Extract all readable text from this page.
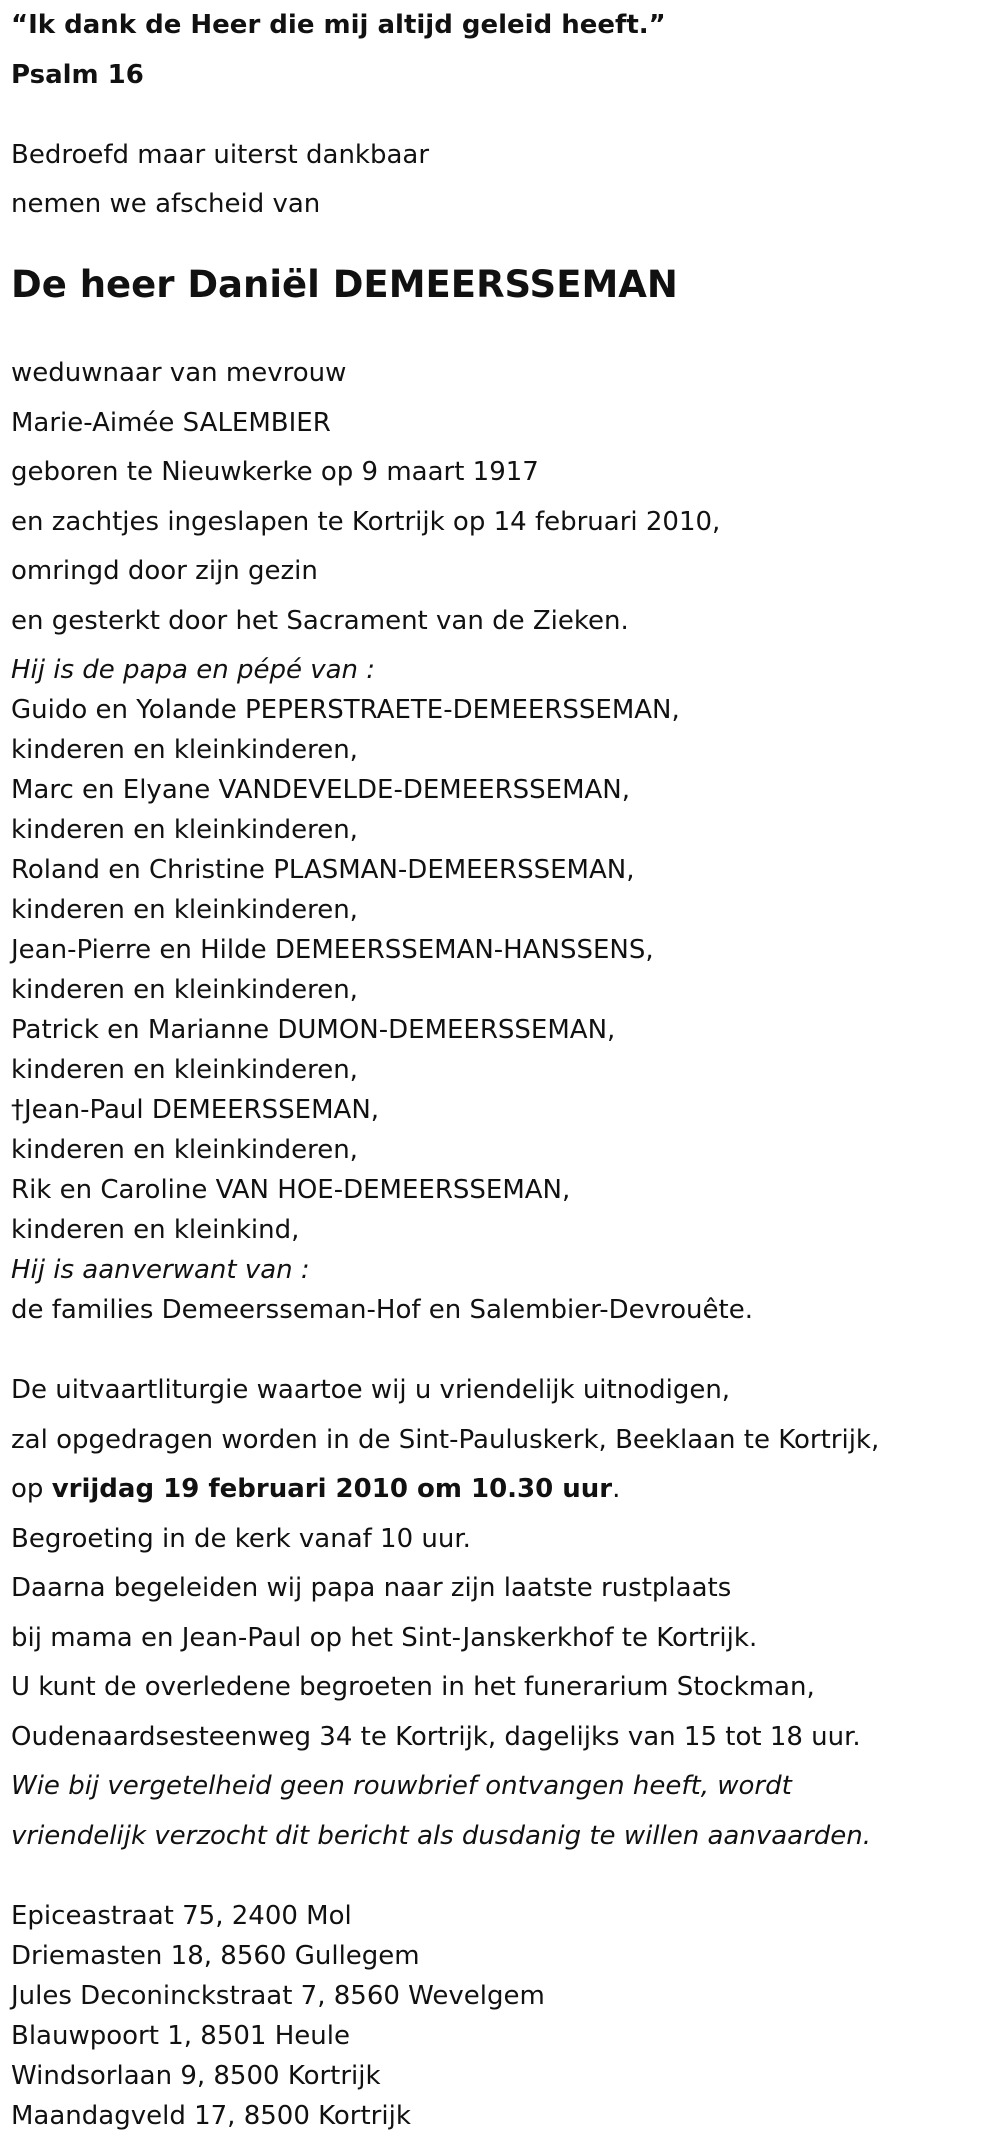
“Ik dank de Heer die mij altijd geleid heeft.”

Psalm 16

Bedroefd maar uiterst dankbaar

nemen we afscheid van

De heer Daniël DEMEERSSEMAN

weduwnaar van mevrouw

Marie-Aimée SALEMBIER

geboren te Nieuwkerke op 9 maart 1917

en zachtjes ingeslapen te Kortrijk op 14 februari 2010,

omringd door zijn gezin

en gesterkt door het Sacrament van de Zieken.

Hij is de papa en pépé van :

Guido en Yolande PEPERSTRAETE-DEMEERSSEMAN,

kinderen en kleinkinderen,

Marc en Elyane VANDEVELDE-DEMEERSSEMAN,

kinderen en kleinkinderen,

Roland en Christine PLASMAN-DEMEERSSEMAN,

kinderen en kleinkinderen,

Jean-Pierre en Hilde DEMEERSSEMAN-HANSSENS,

kinderen en kleinkinderen,

Patrick en Marianne DUMON-DEMEERSSEMAN,

kinderen en kleinkinderen,

†Jean-Paul DEMEERSSEMAN,

kinderen en kleinkinderen,

Rik en Caroline VAN HOE-DEMEERSSEMAN,

kinderen en kleinkind,

Hij is aanverwant van :

de families Demeersseman-Hof en Salembier-Devrouête.

De uitvaartliturgie waartoe wij u vriendelijk uitnodigen,

zal opgedragen worden in de Sint-Pauluskerk, Beeklaan te Kortrijk,

op vrijdag 19 februari 2010 om 10.30 uur.

Begroeting in de kerk vanaf 10 uur.

Daarna begeleiden wij papa naar zijn laatste rustplaats

bij mama en Jean-Paul op het Sint-Janskerkhof te Kortrijk.

U kunt de overledene begroeten in het funerarium Stockman,

Oudenaardsesteenweg 34 te Kortrijk, dagelijks van 15 tot 18 uur.

Wie bij vergetelheid geen rouwbrief ontvangen heeft, wordt

vriendelijk verzocht dit bericht als dusdanig te willen aanvaarden.

Epiceastraat 75, 2400 Mol

Driemasten 18, 8560 Gullegem

Jules Deconinckstraat 7, 8560 Wevelgem

Blauwpoort 1, 8501 Heule

Windsorlaan 9, 8500 Kortrijk

Maandagveld 17, 8500 Kortrijk
